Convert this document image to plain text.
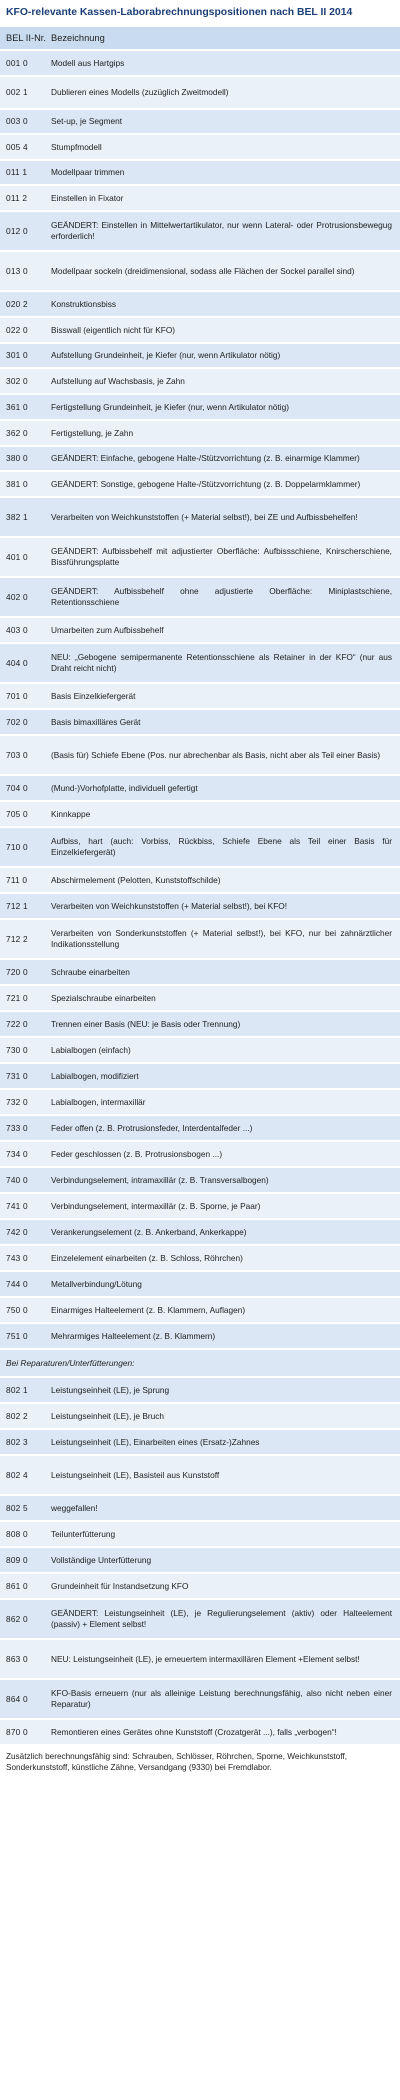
KFO-relevante Kassen-Laborabrechnungspositionen nach BEL II 2014
BEL II-Nr. Bezeichnung
001 0	Modell aus Hartgips
002 1	Dublieren eines Modells (zuzüglich Zweitmodell)
003 0	Set-up, je Segment
005 4	Stumpfmodell
011 1	Modellpaar trimmen
011 2	Einstellen in Fixator
012 0
GEÄNDERT: Einstellen in Mittelwertartikulator, nur wenn Lateral- oder Protrusionsbewegug erforderlich!
013 0	Modellpaar sockeln (dreidimensional, sodass alle Flächen der Sockel parallel sind)
020 2	Konstruktionsbiss
022 0	Bisswall (eigentlich nicht für KFO)
301 0	Aufstellung Grundeinheit, je Kiefer (nur, wenn Artikulator nötig)
302 0	Aufstellung auf Wachsbasis, je Zahn
361 0	Fertigstellung Grundeinheit, je Kiefer (nur, wenn Artikulator nötig)
362 0	Fertigstellung, je Zahn
380 0	GEÄNDERT: Einfache, gebogene Halte-/Stützvorrichtung (z. B. einarmige Klammer)
381 0	GEÄNDERT: Sonstige, gebogene Halte-/Stützvorrichtung (z. B. Doppelarmklammer)
382 1	Verarbeiten von Weichkunststoffen (+ Material selbst!), bei ZE und Aufbissbehelfen!
401 0
GEÄNDERT: Aufbissbehelf mit adjustierter Oberfläche: Aufbissschiene, Knirscherschiene, Bissführungsplatte
402 0
GEÄNDERT: Aufbissbehelf ohne adjustierte Oberfläche: Miniplastschiene, Retentionsschiene
403 0	Umarbeiten zum Aufbissbehelf
404 0
NEU: „Gebogene semipermanente Retentionsschiene als Retainer in der KFO“ (nur aus Draht reicht nicht)
701 0	Basis Einzelkiefergerät
702 0	Basis bimaxilläres Gerät
703 0	(Basis für) Schiefe Ebene (Pos. nur abrechenbar als Basis, nicht aber als Teil einer Basis)
704 0	(Mund-)Vorhofplatte, individuell gefertigt
705 0	Kinnkappe
710 0
Aufbiss, hart (auch: Vorbiss, Rückbiss, Schiefe Ebene als Teil einer Basis für Einzelkiefergerät)
711 0	Abschirmelement (Pelotten, Kunststoffschilde)
712 1	Verarbeiten von Weichkunststoffen (+ Material selbst!), bei KFO!
712 2
Verarbeiten von Sonderkunststoffen (+ Material selbst!), bei KFO, nur bei zahnärztlicher Indikationsstellung
720 0	Schraube einarbeiten
721 0	Spezialschraube einarbeiten
722 0	Trennen einer Basis (NEU: je Basis oder Trennung)
730 0	Labialbogen (einfach)
731 0	Labialbogen, modifiziert
732 0	Labialbogen, intermaxillär
733 0	Feder offen (z. B. Protrusionsfeder, Interdentalfeder ...)
734 0	Feder geschlossen (z. B. Protrusionsbogen ...)
740 0	Verbindungselement, intramaxillär (z. B. Transversalbogen)
741 0	Verbindungselement, intermaxillär (z. B. Sporne, je Paar)
742 0	Verankerungselement (z. B. Ankerband, Ankerkappe)
743 0	Einzelelement einarbeiten (z. B. Schloss, Röhrchen)
744 0	Metallverbindung/Lötung
750 0	Einarmiges Halteelement (z. B. Klammern, Auflagen)
751 0	Mehrarmiges Halteelement (z. B. Klammern)
Bei Reparaturen/Unterfütterungen:
802 1	Leistungseinheit (LE), je Sprung
802 2	Leistungseinheit (LE), je Bruch
802 3	Leistungseinheit (LE), Einarbeiten eines (Ersatz-)Zahnes
802 4	Leistungseinheit (LE), Basisteil aus Kunststoff
802 5	weggefallen!
808 0	Teilunterfütterung
809 0	Vollständige Unterfütterung
861 0	Grundeinheit für Instandsetzung KFO
862 0
GEÄNDERT: Leistungseinheit (LE), je Regulierungselement (aktiv) oder Halteelement (passiv) + Element selbst!
863 0	NEU: Leistungseinheit (LE), je erneuertem intermaxillären Element +Element selbst!
864 0
KFO-Basis erneuern (nur als alleinige Leistung berechnungsfähig, also nicht neben einer Reparatur)
870 0	Remontieren eines Gerätes ohne Kunststoff (Crozatgerät ...), falls „verbogen“!
Zusätzlich berechnungsfähig sind: Schrauben, Schlösser, Röhrchen, Sporne, Weichkunststoff, Sonderkunststoff, künstliche Zähne, Versandgang (9330) bei Fremdlabor.
